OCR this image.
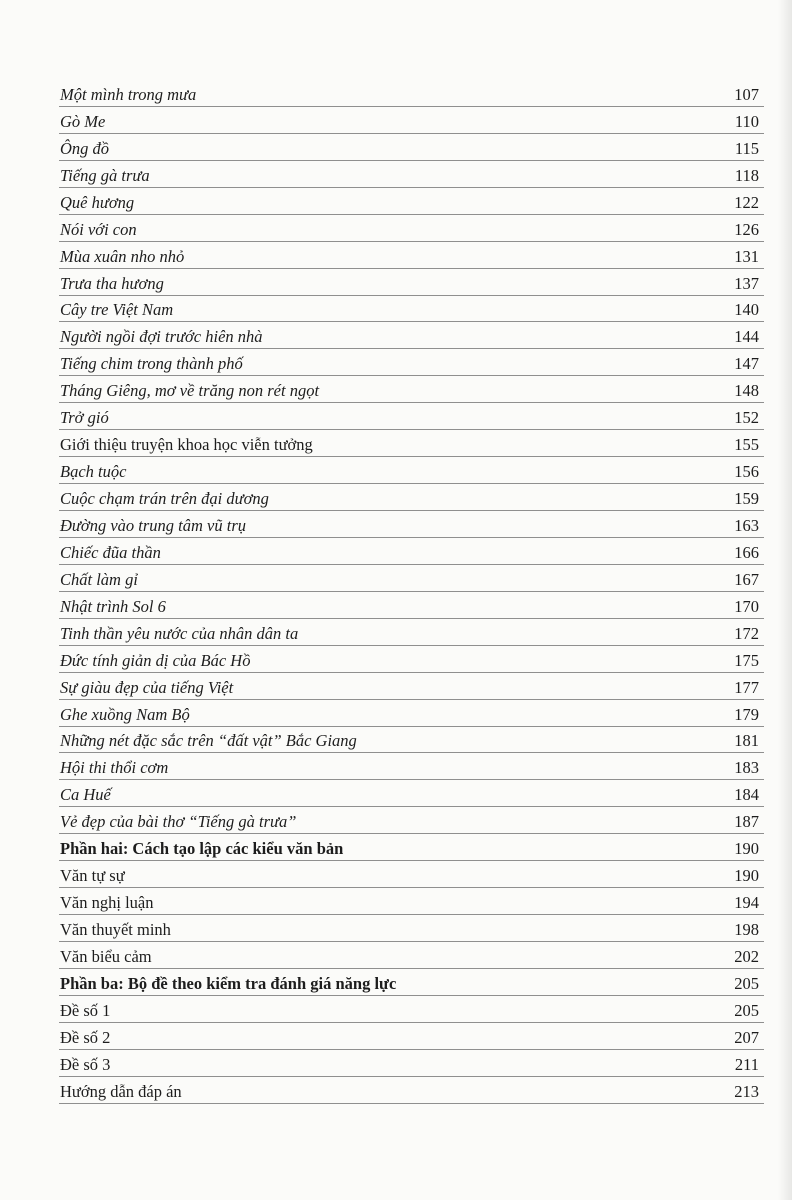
Một mình trong mưa	107
Gò Me	110
Ông đồ	115
Tiếng gà trưa	118
Quê hương	122
Nói với con	126
Mùa xuân nho nhỏ	131
Trưa tha hương	137
Cây tre Việt Nam	140
Người ngồi đợi trước hiên nhà	144
Tiếng chim trong thành phố	147
Tháng Giêng, mơ về trăng non rét ngọt	148
Trở gió	152
Giới thiệu truyện khoa học viễn tưởng	155
Bạch tuộc	156
Cuộc chạm trán trên đại dương	159
Đường vào trung tâm vũ trụ	163
Chiếc đũa thần	166
Chất làm gỉ	167
Nhật trình Sol 6	170
Tinh thần yêu nước của nhân dân ta	172
Đức tính giản dị của Bác Hồ	175
Sự giàu đẹp của tiếng Việt	177
Ghe xuồng Nam Bộ	179
Những nét đặc sắc trên “đất vật” Bắc Giang	181
Hội thi thổi cơm	183
Ca Huế	184
Vẻ đẹp của bài thơ “Tiếng gà trưa”	187
Phần hai: Cách tạo lập các kiểu văn bản	190
Văn tự sự	190
Văn nghị luận	194
Văn thuyết minh	198
Văn biểu cảm	202
Phần ba: Bộ đề theo kiểm tra đánh giá năng lực	205
Đề số 1	205
Đề số 2	207
Đề số 3	211
Hướng dẫn đáp án	213
